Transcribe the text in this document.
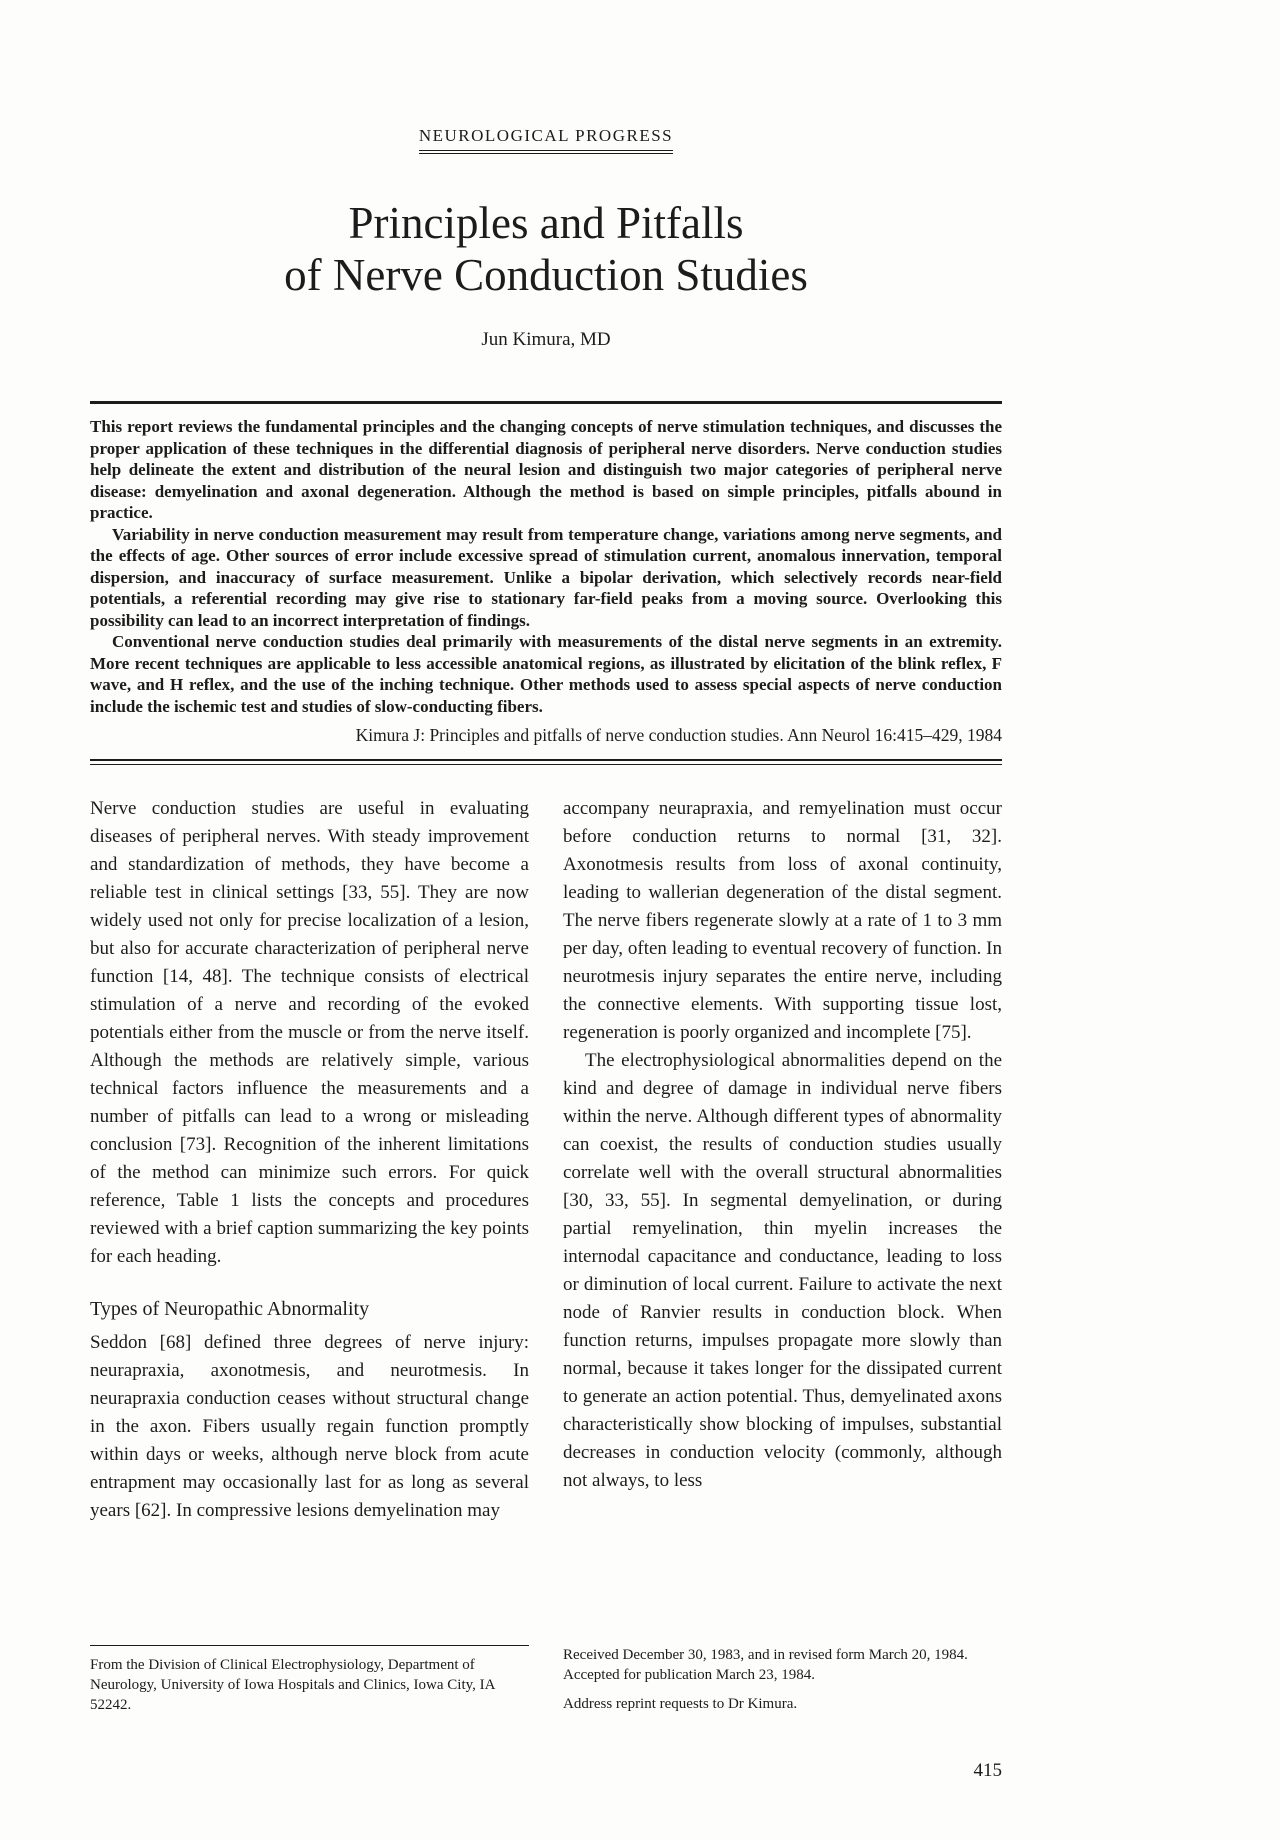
NEUROLOGICAL PROGRESS
Principles and Pitfalls
of Nerve Conduction Studies
Jun Kimura, MD

This report reviews the fundamental principles and the changing concepts of nerve stimulation techniques, and discusses the proper application of these techniques in the differential diagnosis of peripheral nerve disorders. Nerve conduction studies help delineate the extent and distribution of the neural lesion and distinguish two major categories of peripheral nerve disease: demyelination and axonal degeneration. Although the method is based on simple principles, pitfalls abound in practice.

Variability in nerve conduction measurement may result from temperature change, variations among nerve segments, and the effects of age. Other sources of error include excessive spread of stimulation current, anomalous innervation, temporal dispersion, and inaccuracy of surface measurement. Unlike a bipolar derivation, which selectively records near-field potentials, a referential recording may give rise to stationary far-field peaks from a moving source. Overlooking this possibility can lead to an incorrect interpretation of findings.

Conventional nerve conduction studies deal primarily with measurements of the distal nerve segments in an extremity. More recent techniques are applicable to less accessible anatomical regions, as illustrated by elicitation of the blink reflex, F wave, and H reflex, and the use of the inching technique. Other methods used to assess special aspects of nerve conduction include the ischemic test and studies of slow-conducting fibers.

Kimura J: Principles and pitfalls of nerve conduction studies. Ann Neurol 16:415–429, 1984

Nerve conduction studies are useful in evaluating diseases of peripheral nerves. With steady improvement and standardization of methods, they have become a reliable test in clinical settings [33, 55]. They are now widely used not only for precise localization of a lesion, but also for accurate characterization of peripheral nerve function [14, 48]. The technique consists of electrical stimulation of a nerve and recording of the evoked potentials either from the muscle or from the nerve itself. Although the methods are relatively simple, various technical factors influence the measurements and a number of pitfalls can lead to a wrong or misleading conclusion [73]. Recognition of the inherent limitations of the method can minimize such errors. For quick reference, Table 1 lists the concepts and procedures reviewed with a brief caption summarizing the key points for each heading.

Types of Neuropathic Abnormality

Seddon [68] defined three degrees of nerve injury: neurapraxia, axonotmesis, and neurotmesis. In neurapraxia conduction ceases without structural change in the axon. Fibers usually regain function promptly within days or weeks, although nerve block from acute entrapment may occasionally last for as long as several years [62]. In compressive lesions demyelination may

accompany neurapraxia, and remyelination must occur before conduction returns to normal [31, 32]. Axonotmesis results from loss of axonal continuity, leading to wallerian degeneration of the distal segment. The nerve fibers regenerate slowly at a rate of 1 to 3 mm per day, often leading to eventual recovery of function. In neurotmesis injury separates the entire nerve, including the connective elements. With supporting tissue lost, regeneration is poorly organized and incomplete [75].

The electrophysiological abnormalities depend on the kind and degree of damage in individual nerve fibers within the nerve. Although different types of abnormality can coexist, the results of conduction studies usually correlate well with the overall structural abnormalities [30, 33, 55]. In segmental demyelination, or during partial remyelination, thin myelin increases the internodal capacitance and conductance, leading to loss or diminution of local current. Failure to activate the next node of Ranvier results in conduction block. When function returns, impulses propagate more slowly than normal, because it takes longer for the dissipated current to generate an action potential. Thus, demyelinated axons characteristically show blocking of impulses, substantial decreases in conduction velocity (commonly, although not always, to less

From the Division of Clinical Electrophysiology, Department of Neurology, University of Iowa Hospitals and Clinics, Iowa City, IA 52242.

Received December 30, 1983, and in revised form March 20, 1984. Accepted for publication March 23, 1984.

Address reprint requests to Dr Kimura.

415
